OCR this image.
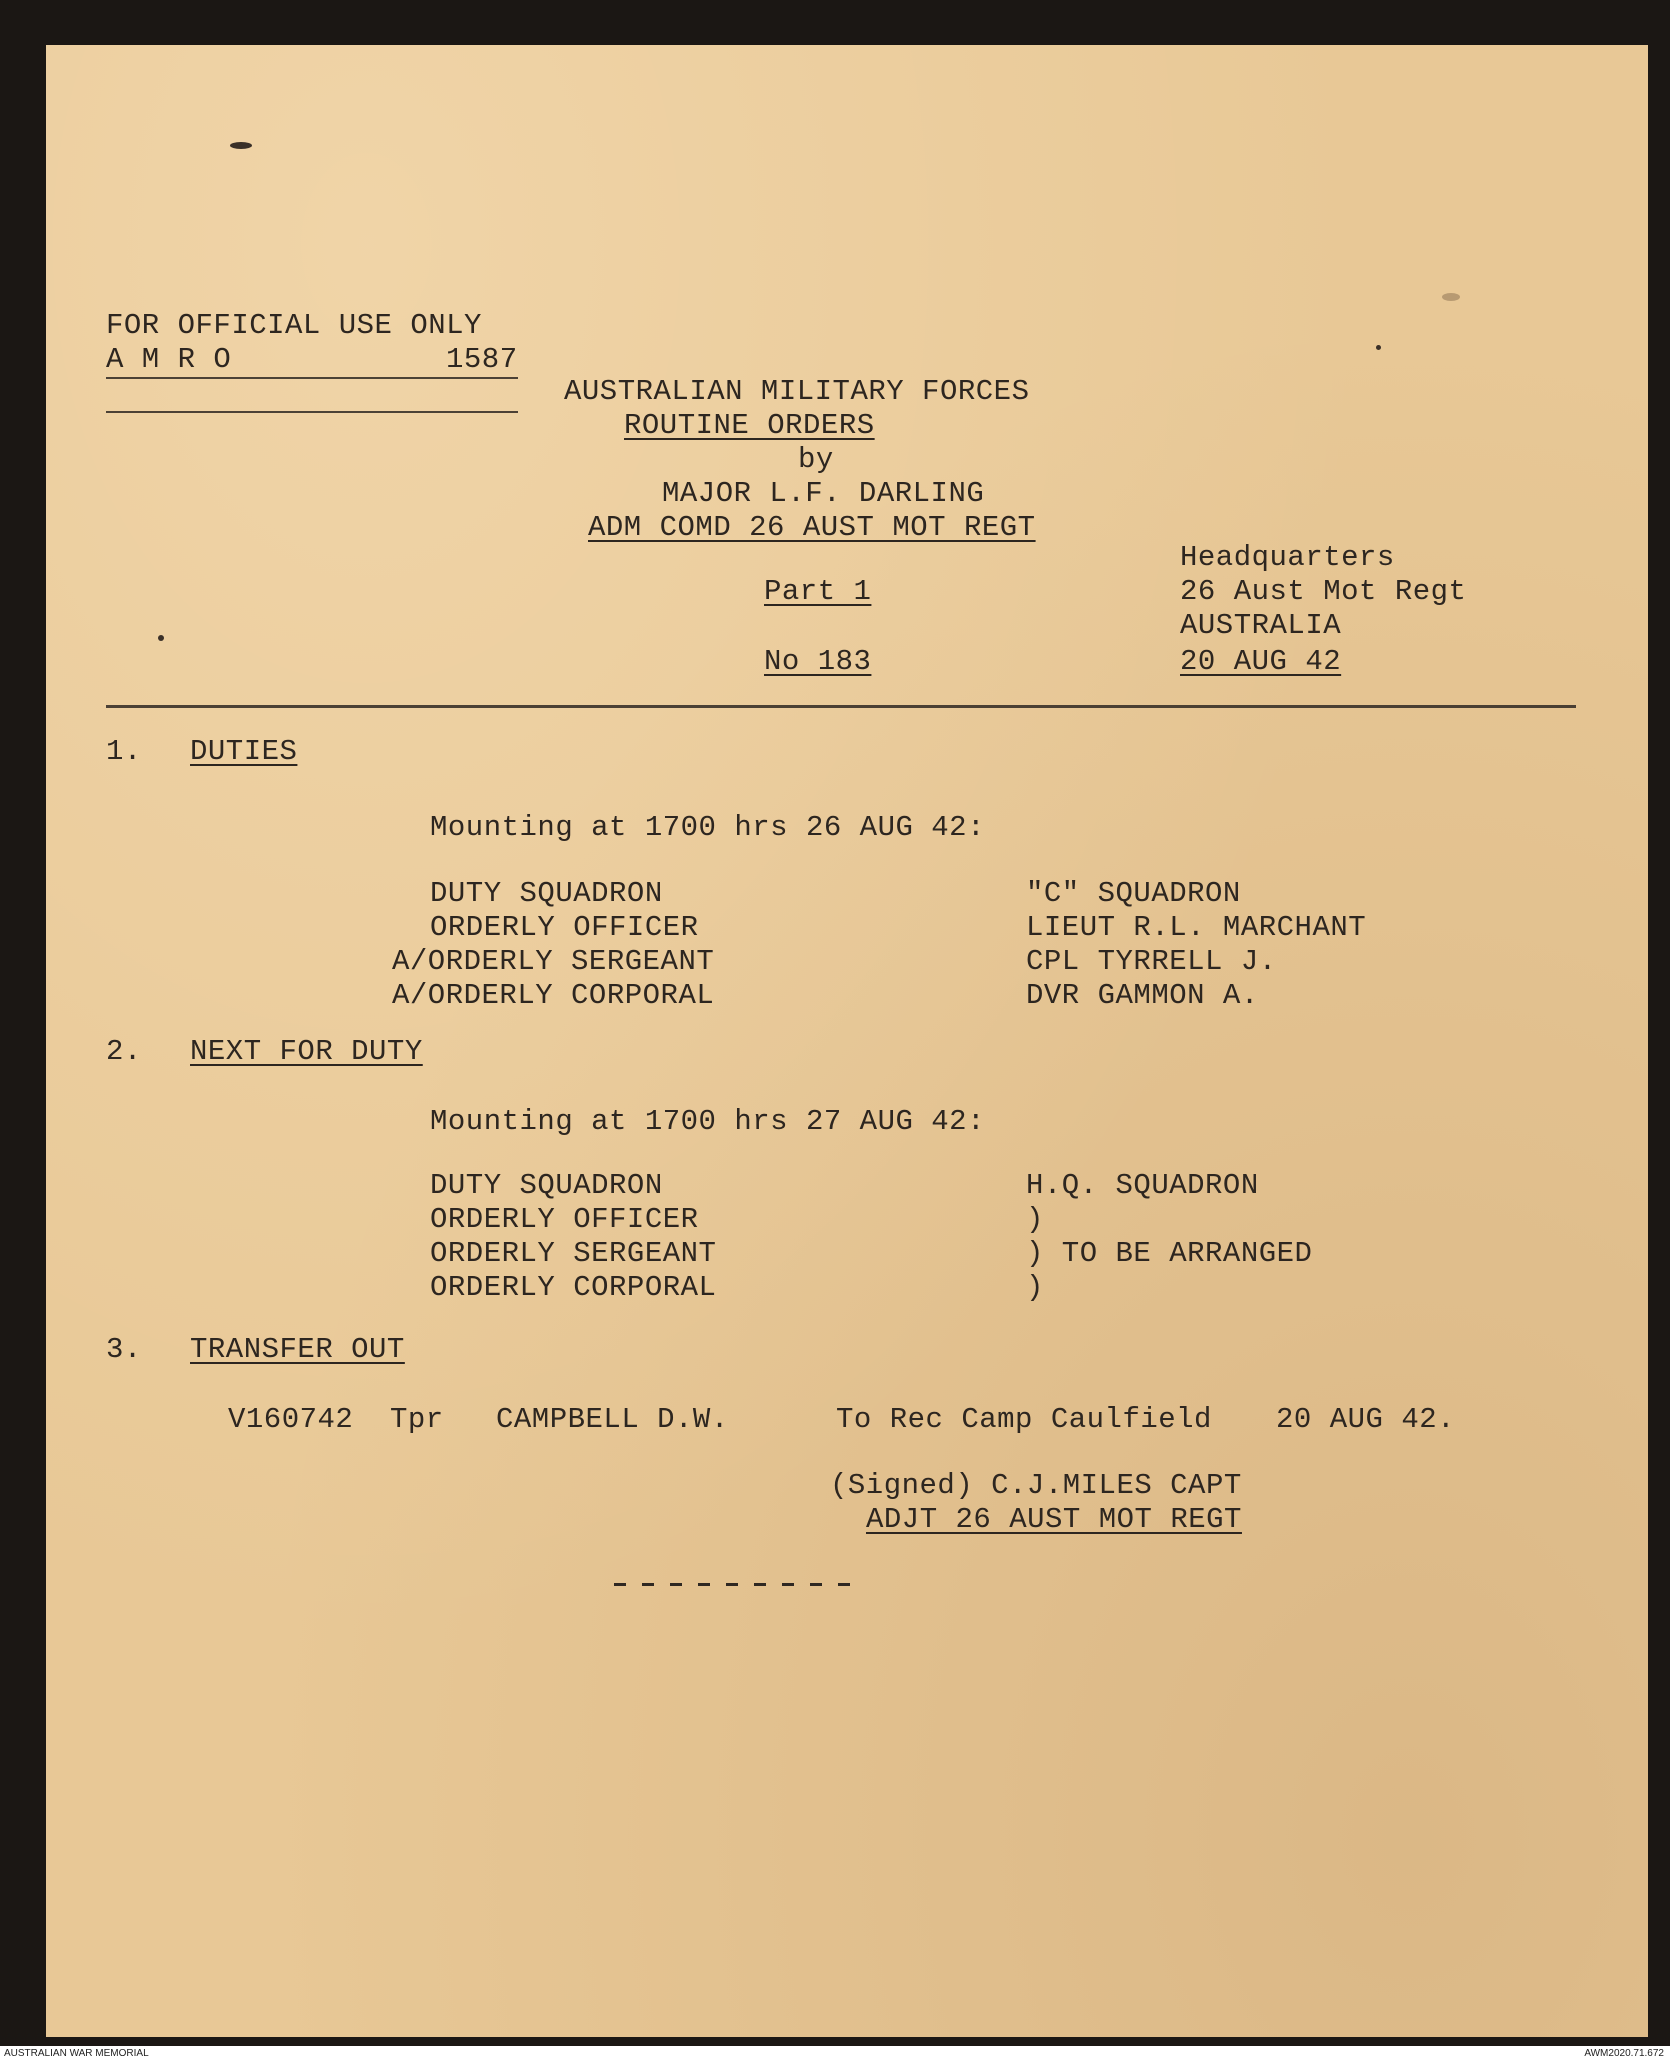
FOR OFFICIAL USE ONLY
A M R O	1587
AUSTRALIAN MILITARY FORCES
ROUTINE ORDERS
by
MAJOR L.F. DARLING
ADM COMD 26 AUST MOT REGT
Part 1
No 183
Headquarters
26 Aust Mot Regt
AUSTRALIA
20 AUG 42
1. DUTIES
Mounting at 1700 hrs 26 AUG 42:
DUTY SQUADRON	"C" SQUADRON
ORDERLY OFFICER	LIEUT R.L. MARCHANT
A/ORDERLY SERGEANT	CPL TYRRELL J.
A/ORDERLY CORPORAL	DVR GAMMON A.
2. NEXT FOR DUTY
Mounting at 1700 hrs 27 AUG 42:
DUTY SQUADRON	H.Q. SQUADRON
ORDERLY OFFICER	)
ORDERLY SERGEANT	) TO BE ARRANGED
ORDERLY CORPORAL	)
3. TRANSFER OUT
V160742 Tpr CAMPBELL D.W.	To Rec Camp Caulfield 20 AUG 42.
(Signed) C.J.MILES CAPT
ADJT 26 AUST MOT REGT
AUSTRALIAN WAR MEMORIAL	AWM2020.71.672
